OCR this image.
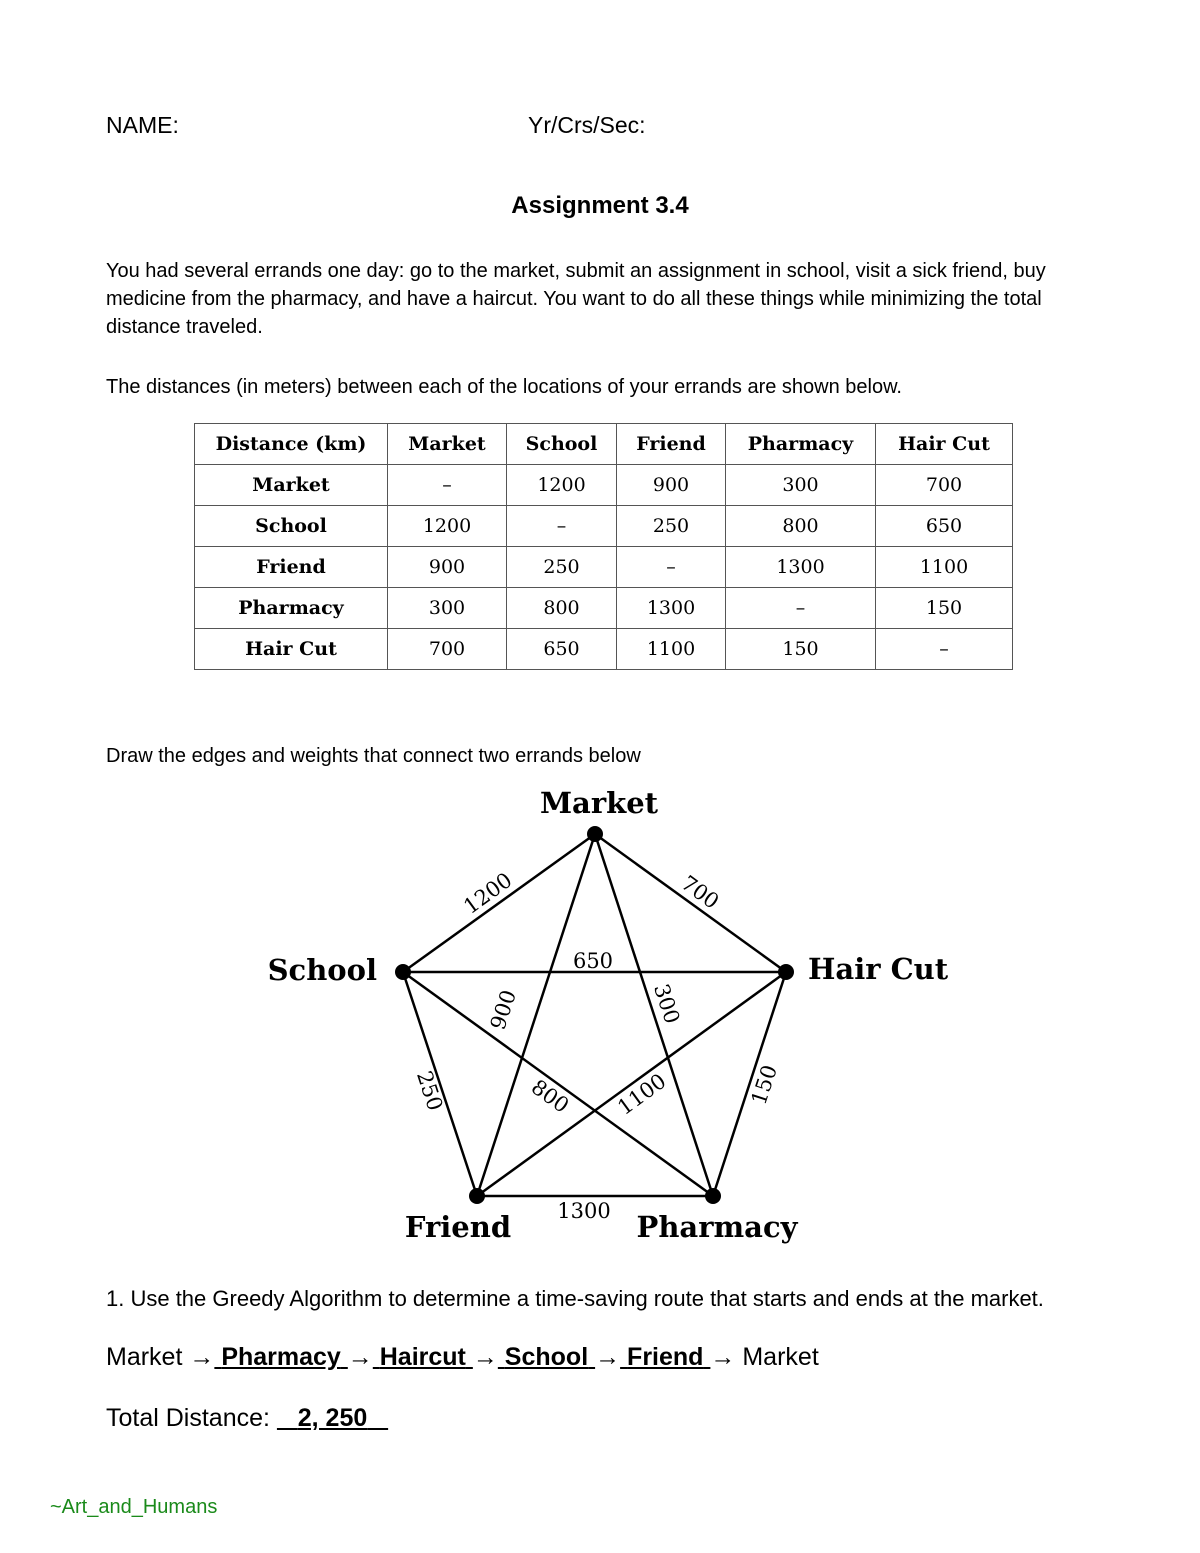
NAME:	Yr/Crs/Sec:
Assignment 3.4
You had several errands one day: go to the market, submit an assignment in school, visit a sick friend, buy medicine from the pharmacy, and have a haircut. You want to do all these things while minimizing the total distance traveled.
The distances (in meters) between each of the locations of your errands are shown below.
Distance (km)	Market	School	Friend	Pharmacy	Hair Cut
Market	–	1200	900	300	700
School	1200	–	250	800	650
Friend	900	250	–	1300	1100
Pharmacy	300	800	1300	–	150
Hair Cut	700	650	1100	150	–
Draw the edges and weights that connect two errands below
Market
School	Hair Cut
Friend	Pharmacy
1200	700
650
900	300
250	800 1100	150
1300
1. Use the Greedy Algorithm to determine a time-saving route that starts and ends at the market.
Market → Pharmacy → Haircut → School → Friend → Market
Total Distance: 2, 250
~Art_and_Humans
